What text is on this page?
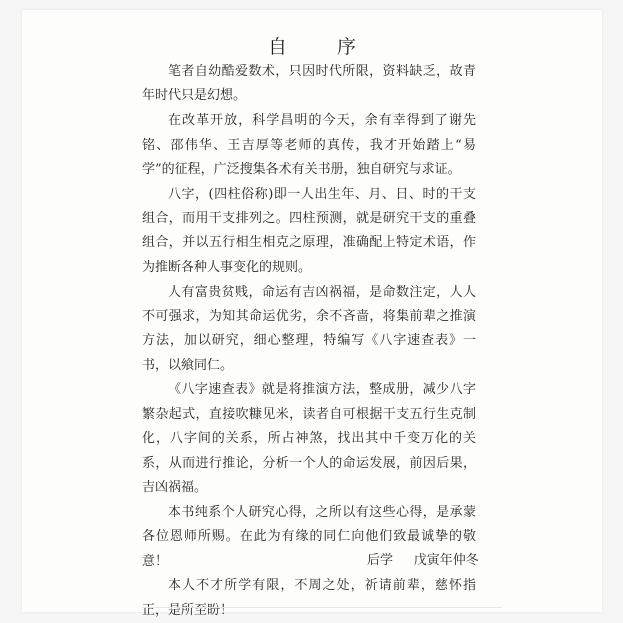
自 序

笔者自幼酷爱数术，只因时代所限，资料缺乏，故青年时代只是幻想。

在改革开放，科学昌明的今天，余有幸得到了谢先铭、邵伟华、王吉厚等老师的真传，我才开始踏上“易学”的征程，广泛搜集各术有关书册，独自研究与求证。

八字，(四柱俗称)即一人出生年、月、日、时的干支组合，而用干支排列之。四柱预测，就是研究干支的重叠组合，并以五行相生相克之原理，准确配上特定术语，作为推断各种人事变化的规则。

人有富贵贫贱，命运有吉凶祸福，是命数注定，人人不可强求，为知其命运优劣，余不吝啬，将集前辈之推演方法，加以研究，细心整理，特编写《八字速查表》一书，以飨同仁。

《八字速查表》就是将推演方法，整成册，减少八字繁杂起式，直接吹糠见米，读者自可根据干支五行生克制化，八字间的关系，所占神煞，找出其中千变万化的关系，从而进行推论，分析一个人的命运发展，前因后果，吉凶祸福。

本书纯系个人研究心得，之所以有这些心得，是承蒙各位恩师所赐。在此为有缘的同仁向他们致最诚挚的敬意！

本人不才所学有限，不周之处，祈请前辈，慈怀指正，是所至盼！

后学 戊寅年仲冬
